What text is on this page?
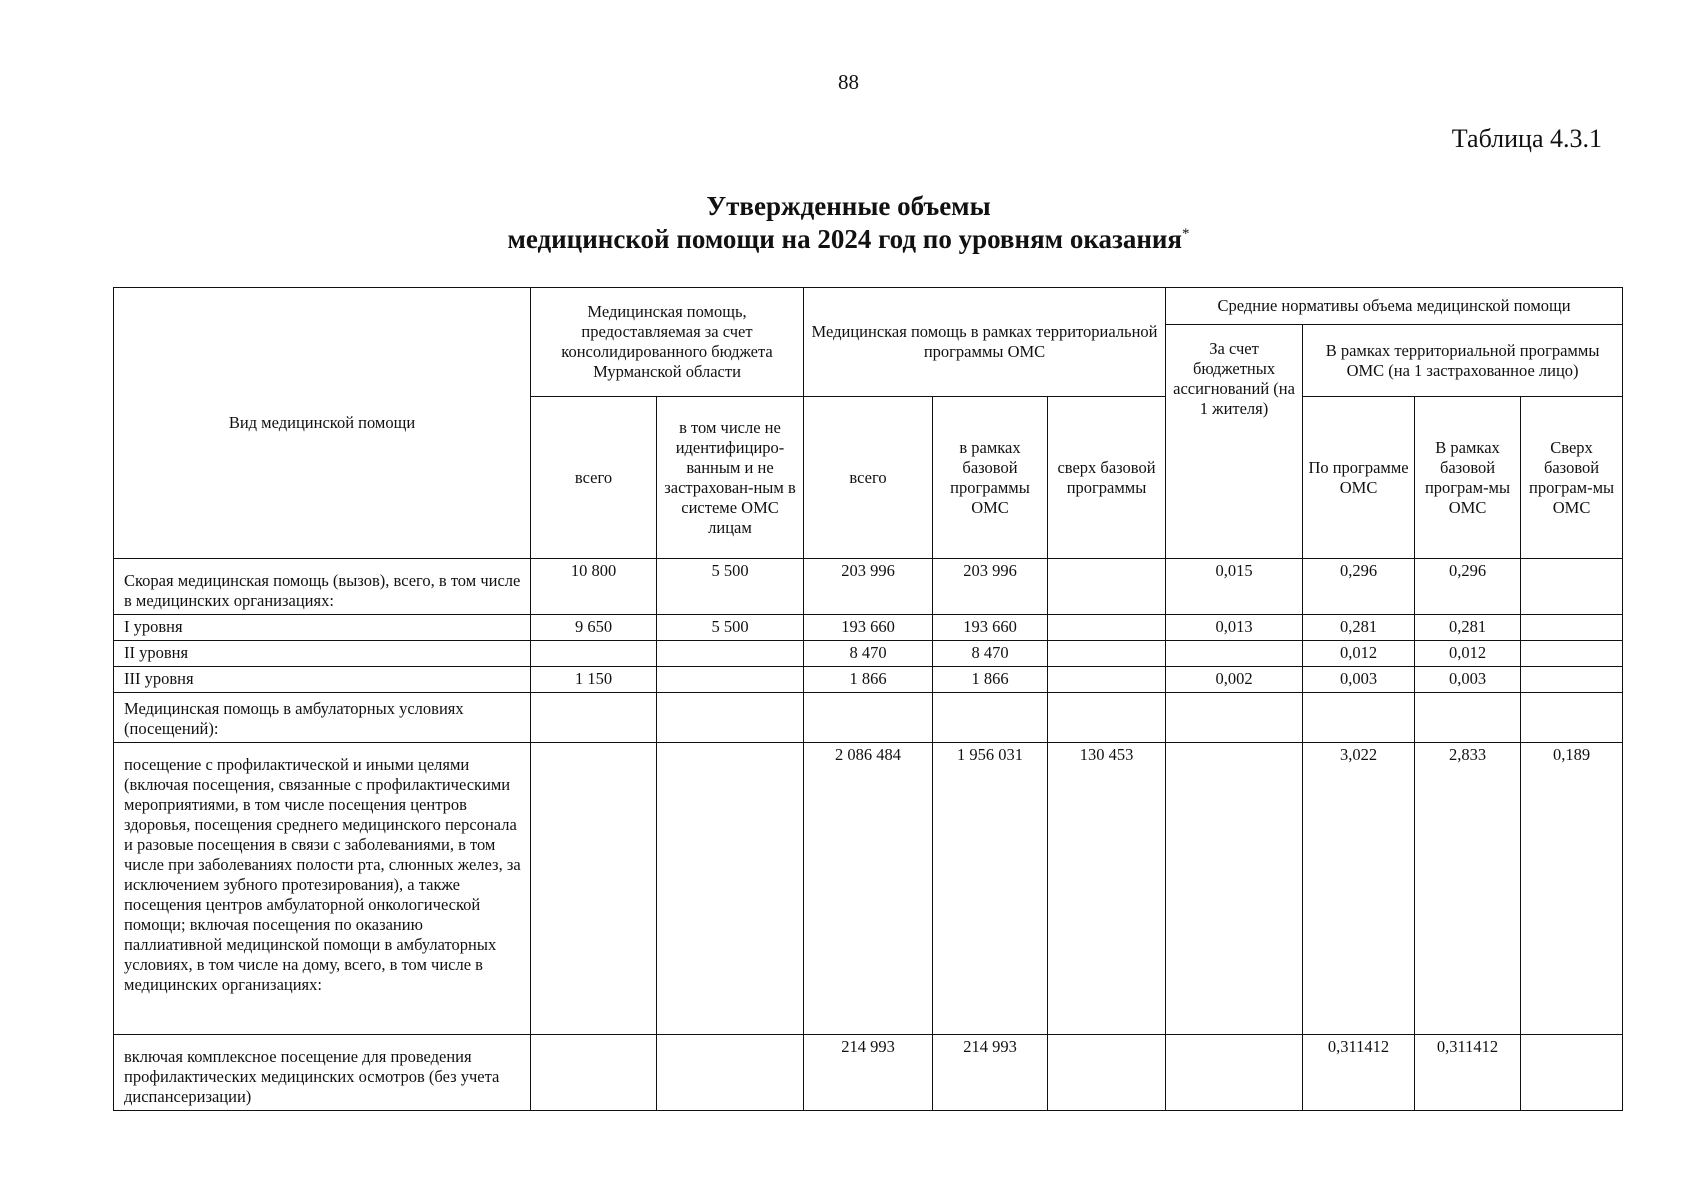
88
Таблица 4.3.1
Утвержденные объемы
медицинской помощи на 2024 год по уровням оказания*
Вид медицинской помощи	Медицинская помощь, предоставляемая за счет консолидированного бюджета Мурманской области		Медицинская помощь в рамках территориальной программы ОМС			Средние нормативы объема медицинской помощи			
						За счет бюджетных ассигнований (на 1 жителя)	В рамках территориальной программы ОМС (на 1 застрахованное лицо)		
	всего	в том числе не идентифициро-ванным и не застрахован-ным в системе ОМС лицам	всего	в рамках базовой программы ОМС	сверх базовой программы		По программе ОМС	В рамках базовой програм-мы ОМС	Сверх базовой програм-мы ОМС
Скорая медицинская помощь (вызов), всего, в том числе в медицинских организациях:	10 800	5 500	203 996	203 996		0,015	0,296	0,296	
I уровня	9 650	5 500	193 660	193 660		0,013	0,281	0,281	
II уровня			8 470	8 470			0,012	0,012	
III уровня	1 150		1 866	1 866		0,002	0,003	0,003	
Медицинская помощь в амбулаторных условиях (посещений):									
посещение с профилактической и иными целями (включая посещения, связанные с профилактическими мероприятиями, в том числе посещения центров здоровья, посещения среднего медицинского персонала и разовые посещения в связи с заболеваниями, в том числе при заболеваниях полости рта, слюнных желез, за исключением зубного протезирования), а также посещения центров амбулаторной онкологической помощи; включая посещения по оказанию паллиативной медицинской помощи в амбулаторных условиях, в том числе на дому, всего, в том числе в медицинских организациях:			2 086 484	1 956 031	130 453		3,022	2,833	0,189
включая комплексное посещение для проведения профилактических медицинских осмотров (без учета диспансеризации)			214 993	214 993			0,311412	0,311412	
